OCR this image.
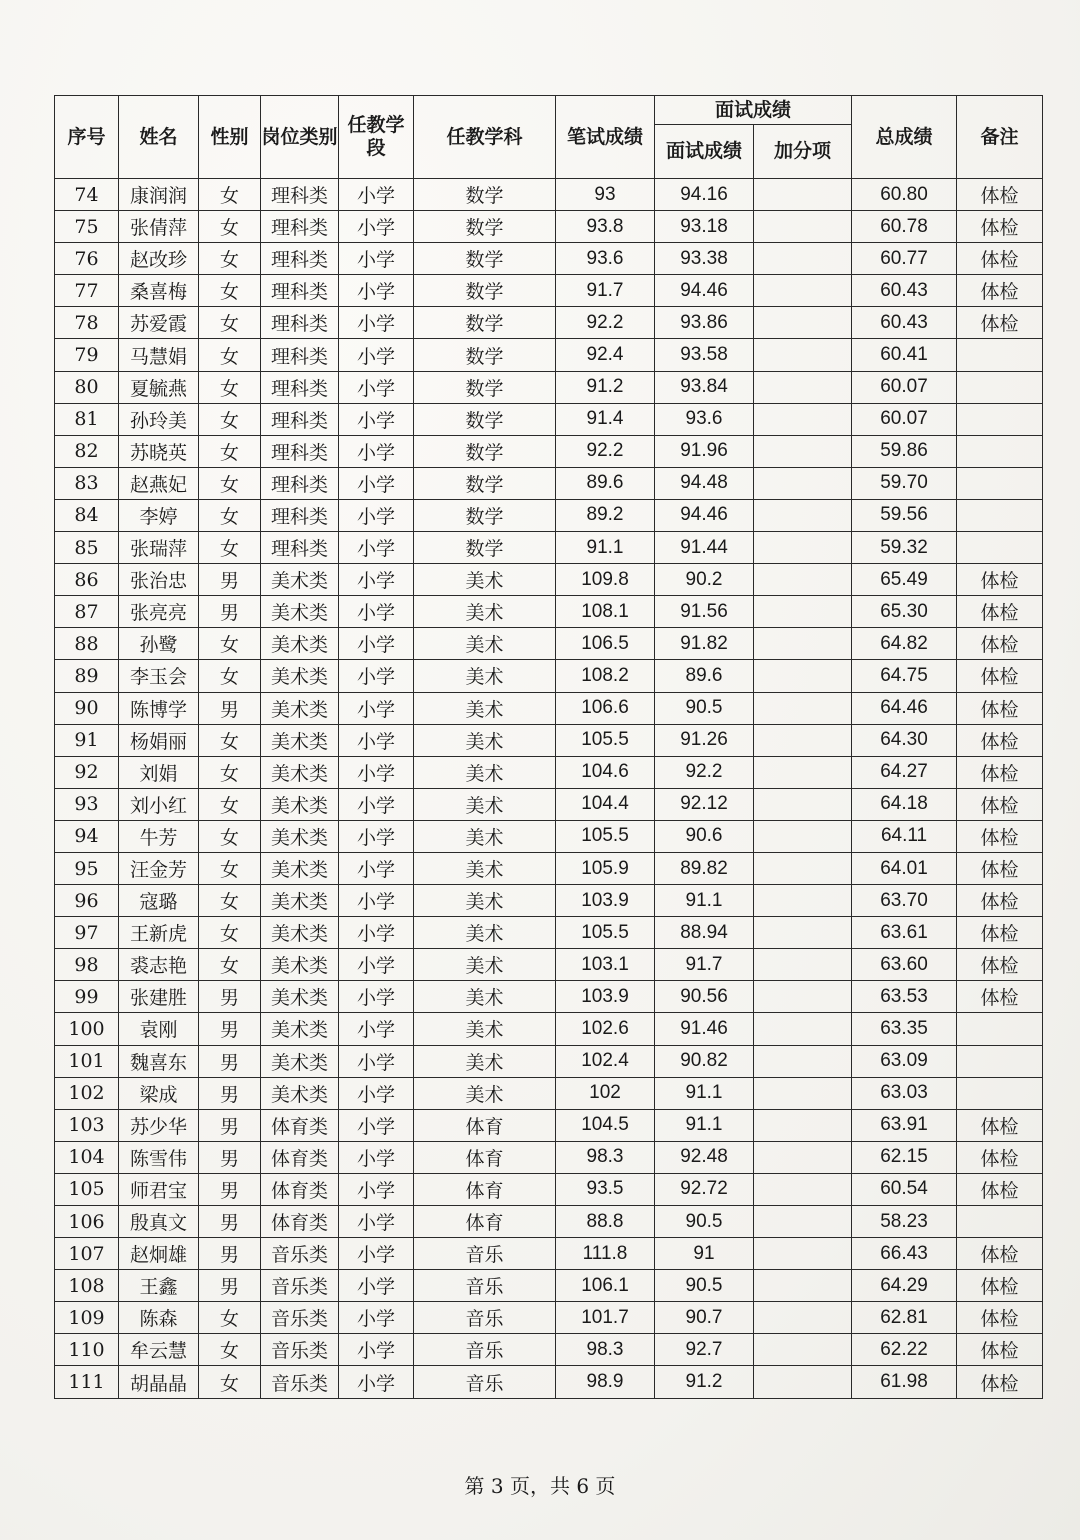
序号	姓名	性别	岗位类别	任教学段	任教学科	笔试成绩	面试成绩		总成绩	备注
							面试成绩	加分项		
74	康润润	女	理科类	小学	数学	93	94.16		60.80	体检
75	张倩萍	女	理科类	小学	数学	93.8	93.18		60.78	体检
76	赵改珍	女	理科类	小学	数学	93.6	93.38		60.77	体检
77	桑喜梅	女	理科类	小学	数学	91.7	94.46		60.43	体检
78	苏爱霞	女	理科类	小学	数学	92.2	93.86		60.43	体检
79	马慧娟	女	理科类	小学	数学	92.4	93.58		60.41	
80	夏毓燕	女	理科类	小学	数学	91.2	93.84		60.07	
81	孙玲美	女	理科类	小学	数学	91.4	93.6		60.07	
82	苏晓英	女	理科类	小学	数学	92.2	91.96		59.86	
83	赵燕妃	女	理科类	小学	数学	89.6	94.48		59.70	
84	李婷	女	理科类	小学	数学	89.2	94.46		59.56	
85	张瑞萍	女	理科类	小学	数学	91.1	91.44		59.32	
86	张治忠	男	美术类	小学	美术	109.8	90.2		65.49	体检
87	张亮亮	男	美术类	小学	美术	108.1	91.56		65.30	体检
88	孙鹭	女	美术类	小学	美术	106.5	91.82		64.82	体检
89	李玉会	女	美术类	小学	美术	108.2	89.6		64.75	体检
90	陈博学	男	美术类	小学	美术	106.6	90.5		64.46	体检
91	杨娟丽	女	美术类	小学	美术	105.5	91.26		64.30	体检
92	刘娟	女	美术类	小学	美术	104.6	92.2		64.27	体检
93	刘小红	女	美术类	小学	美术	104.4	92.12		64.18	体检
94	牛芳	女	美术类	小学	美术	105.5	90.6		64.11	体检
95	汪金芳	女	美术类	小学	美术	105.9	89.82		64.01	体检
96	寇璐	女	美术类	小学	美术	103.9	91.1		63.70	体检
97	王新虎	女	美术类	小学	美术	105.5	88.94		63.61	体检
98	裘志艳	女	美术类	小学	美术	103.1	91.7		63.60	体检
99	张建胜	男	美术类	小学	美术	103.9	90.56		63.53	体检
100	袁刚	男	美术类	小学	美术	102.6	91.46		63.35	
101	魏喜东	男	美术类	小学	美术	102.4	90.82		63.09	
102	梁成	男	美术类	小学	美术	102	91.1		63.03	
103	苏少华	男	体育类	小学	体育	104.5	91.1		63.91	体检
104	陈雪伟	男	体育类	小学	体育	98.3	92.48		62.15	体检
105	师君宝	男	体育类	小学	体育	93.5	92.72		60.54	体检
106	殷真文	男	体育类	小学	体育	88.8	90.5		58.23	
107	赵炯雄	男	音乐类	小学	音乐	111.8	91		66.43	体检
108	王鑫	男	音乐类	小学	音乐	106.1	90.5		64.29	体检
109	陈森	女	音乐类	小学	音乐	101.7	90.7		62.81	体检
110	牟云慧	女	音乐类	小学	音乐	98.3	92.7		62.22	体检
111	胡晶晶	女	音乐类	小学	音乐	98.9	91.2		61.98	体检
第 3 页，共 6 页
